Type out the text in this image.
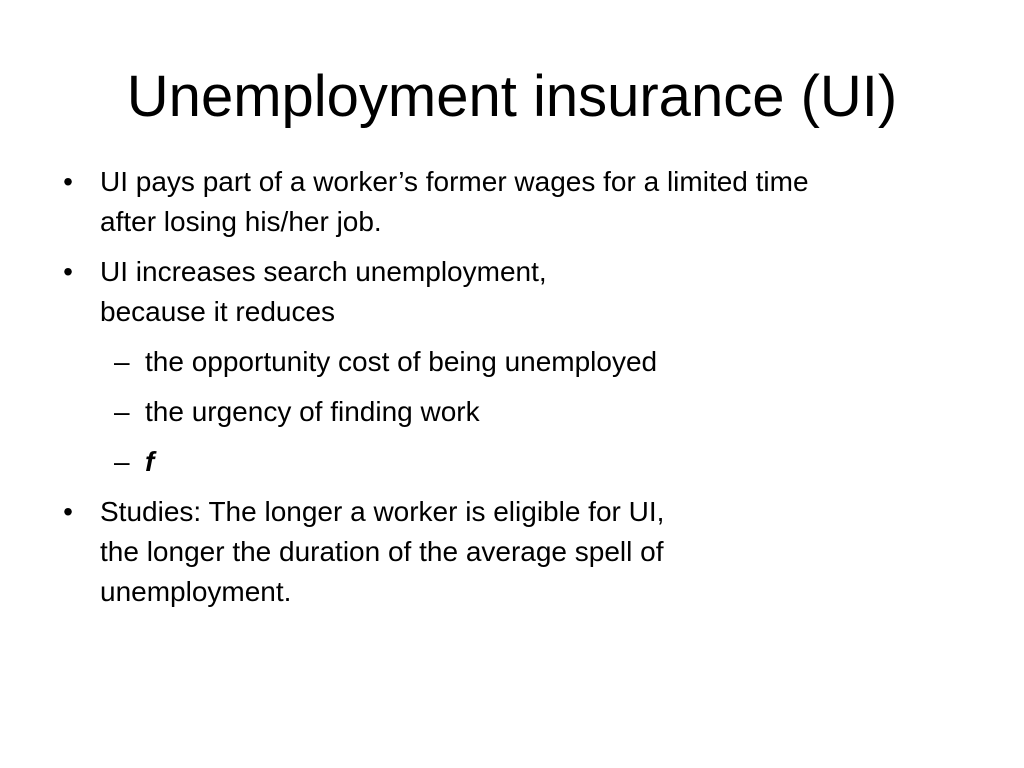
Unemployment insurance (UI)
• UI pays part of a worker’s former wages for a limited time
after losing his/her job.
• UI increases search unemployment,
because it reduces
– the opportunity cost of being unemployed
– the urgency of finding work
– f
• Studies: The longer a worker is eligible for UI,
the longer the duration of the average spell of
unemployment.
